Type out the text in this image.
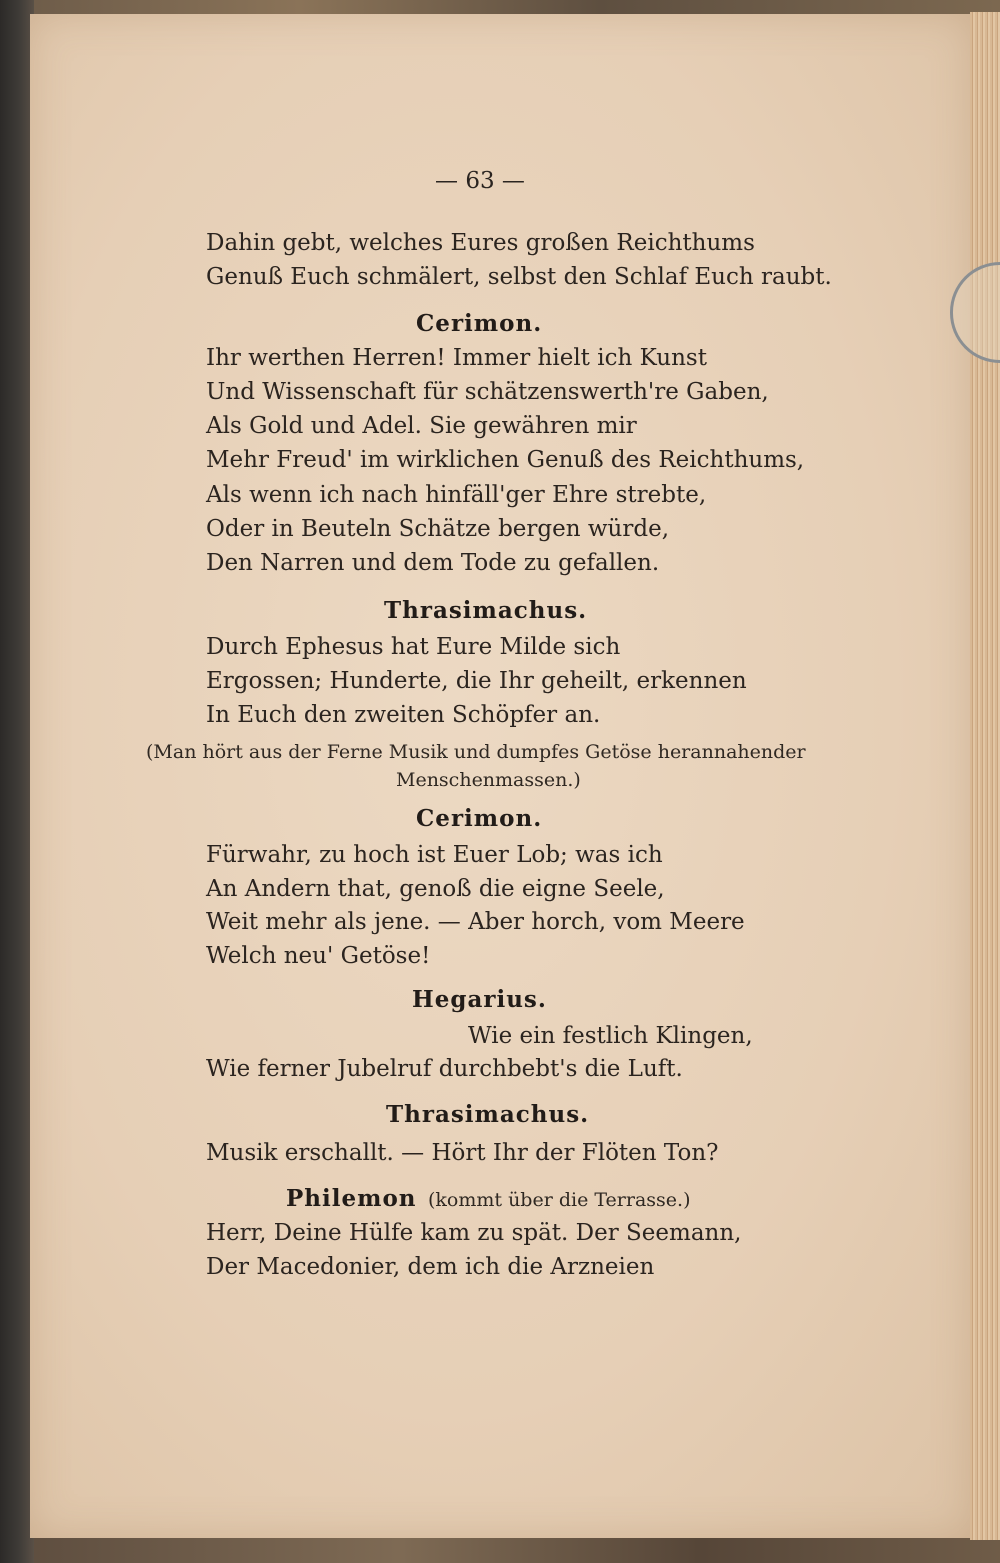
— 63 —
Dahin gebt, welches Eures großen Reichthums
Genuß Euch schmälert, selbst den Schlaf Euch raubt.
Cerimon.
Ihr werthen Herren! Immer hielt ich Kunst
Und Wissenschaft für schätzenswerth're Gaben,
Als Gold und Adel. Sie gewähren mir
Mehr Freud' im wirklichen Genuß des Reichthums,
Als wenn ich nach hinfäll'ger Ehre strebte,
Oder in Beuteln Schätze bergen würde,
Den Narren und dem Tode zu gefallen.
Thrasimachus.
Durch Ephesus hat Eure Milde sich
Ergossen; Hunderte, die Ihr geheilt, erkennen
In Euch den zweiten Schöpfer an.
(Man hört aus der Ferne Musik und dumpfes Getöse herannahender
Menschenmassen.)
Cerimon.
Fürwahr, zu hoch ist Euer Lob; was ich
An Andern that, genoß die eigne Seele,
Weit mehr als jene. — Aber horch, vom Meere
Welch neu' Getöse!
Hegarius.
Wie ein festlich Klingen,
Wie ferner Jubelruf durchbebt's die Luft.
Thrasimachus.
Musik erschallt. — Hört Ihr der Flöten Ton?
Philemon (kommt über die Terrasse.)
Herr, Deine Hülfe kam zu spät. Der Seemann,
Der Macedonier, dem ich die Arzneien
